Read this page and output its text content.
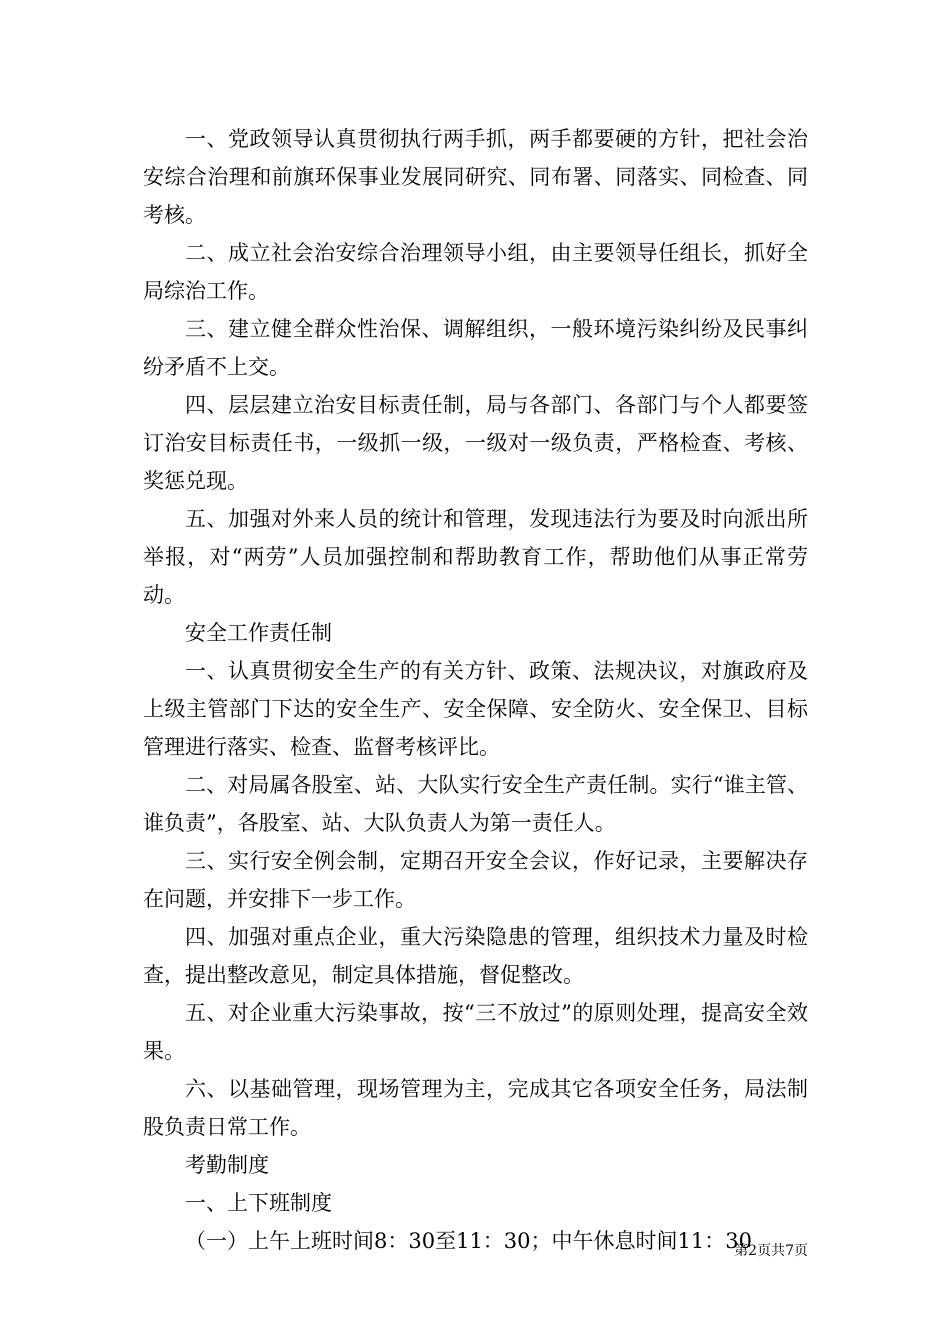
一、党政领导认真贯彻执行两手抓，两手都要硬的方针，把社会治安综合治理和前旗环保事业发展同研究、同布署、同落实、同检查、同考核。

二、成立社会治安综合治理领导小组，由主要领导任组长，抓好全局综治工作。

三、建立健全群众性治保、调解组织，一般环境污染纠纷及民事纠纷矛盾不上交。

四、层层建立治安目标责任制，局与各部门、各部门与个人都要签订治安目标责任书，一级抓一级，一级对一级负责，严格检查、考核、奖惩兑现。

五、加强对外来人员的统计和管理，发现违法行为要及时向派出所举报，对“两劳”人员加强控制和帮助教育工作，帮助他们从事正常劳动。

安全工作责任制

一、认真贯彻安全生产的有关方针、政策、法规决议，对旗政府及上级主管部门下达的安全生产、安全保障、安全防火、安全保卫、目标管理进行落实、检查、监督考核评比。

二、对局属各股室、站、大队实行安全生产责任制。实行“谁主管、谁负责”，各股室、站、大队负责人为第一责任人。

三、实行安全例会制，定期召开安全会议，作好记录，主要解决存在问题，并安排下一步工作。

四、加强对重点企业，重大污染隐患的管理，组织技术力量及时检查，提出整改意见，制定具体措施，督促整改。

五、对企业重大污染事故，按“三不放过”的原则处理，提高安全效果。

六、以基础管理，现场管理为主，完成其它各项安全任务，局法制股负责日常工作。

考勤制度

一、上下班制度

（一）上午上班时间8：30至11：30；中午休息时间11：30

第2页共7页
